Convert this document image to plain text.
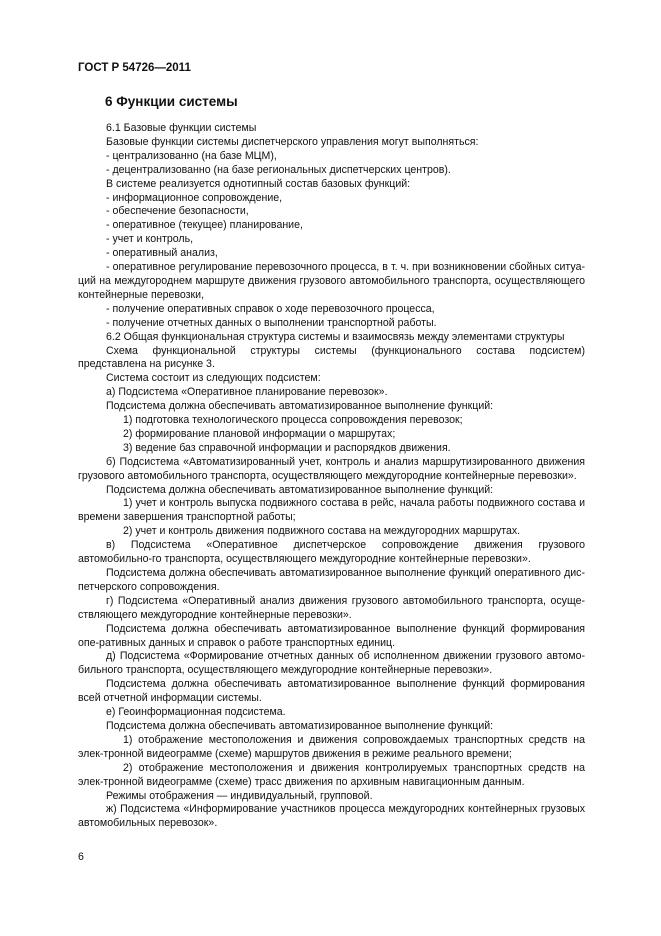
ГОСТ Р 54726—2011
6 Функции системы

6.1 Базовые функции системы

Базовые функции системы диспетчерского управления могут выполняться:

- централизованно (на базе МЦМ),

- децентрализованно (на базе региональных диспетчерских центров).

В системе реализуется однотипный состав базовых функций:

- информационное сопровождение,

- обеспечение безопасности,

- оперативное (текущее) планирование,

- учет и контроль,

- оперативный анализ,

- оперативное регулирование перевозочного процесса, в т. ч. при возникновении сбойных ситуа-ций на междугороднем маршруте движения грузового автомобильного транспорта, осуществляющего контейнерные перевозки,

- получение оперативных справок о ходе перевозочного процесса,

- получение отчетных данных о выполнении транспортной работы.

6.2 Общая функциональная структура системы и взаимосвязь между элементами структуры

Схема функциональной структуры системы (функционального состава подсистем) представлена на рисунке 3.

Система состоит из следующих подсистем:

а) Подсистема «Оперативное планирование перевозок».

Подсистема должна обеспечивать автоматизированное выполнение функций:

1) подготовка технологического процесса сопровождения перевозок;

2) формирование плановой информации о маршрутах;

3) ведение баз справочной информации и распорядков движения.

б) Подсистема «Автоматизированный учет, контроль и анализ маршрутизированного движения грузового автомобильного транспорта, осуществляющего междугородние контейнерные перевозки».

Подсистема должна обеспечивать автоматизированное выполнение функций:

1) учет и контроль выпуска подвижного состава в рейс, начала работы подвижного состава и времени завершения транспортной работы;

2) учет и контроль движения подвижного состава на междугородних маршрутах.

в) Подсистема «Оперативное диспетчерское сопровождение движения грузового автомобильно-го транспорта, осуществляющего междугородние контейнерные перевозки».

Подсистема должна обеспечивать автоматизированное выполнение функций оперативного дис-петчерского сопровождения.

г) Подсистема «Оперативный анализ движения грузового автомобильного транспорта, осуще-ствляющего междугородние контейнерные перевозки».

Подсистема должна обеспечивать автоматизированное выполнение функций формирования опе-ративных данных и справок о работе транспортных единиц.

д) Подсистема «Формирование отчетных данных об исполненном движении грузового автомо-бильного транспорта, осуществляющего междугородние контейнерные перевозки».

Подсистема должна обеспечивать автоматизированное выполнение функций формирования всей отчетной информации системы.

е) Геоинформационная подсистема.

Подсистема должна обеспечивать автоматизированное выполнение функций:

1) отображение местоположения и движения сопровождаемых транспортных средств на элек-тронной видеограмме (схеме) маршрутов движения в режиме реального времени;

2) отображение местоположения и движения контролируемых транспортных средств на элек-тронной видеограмме (схеме) трасс движения по архивным навигационным данным.

Режимы отображения — индивидуальный, групповой.

ж) Подсистема «Информирование участников процесса междугородних контейнерных грузовых автомобильных перевозок».

6
